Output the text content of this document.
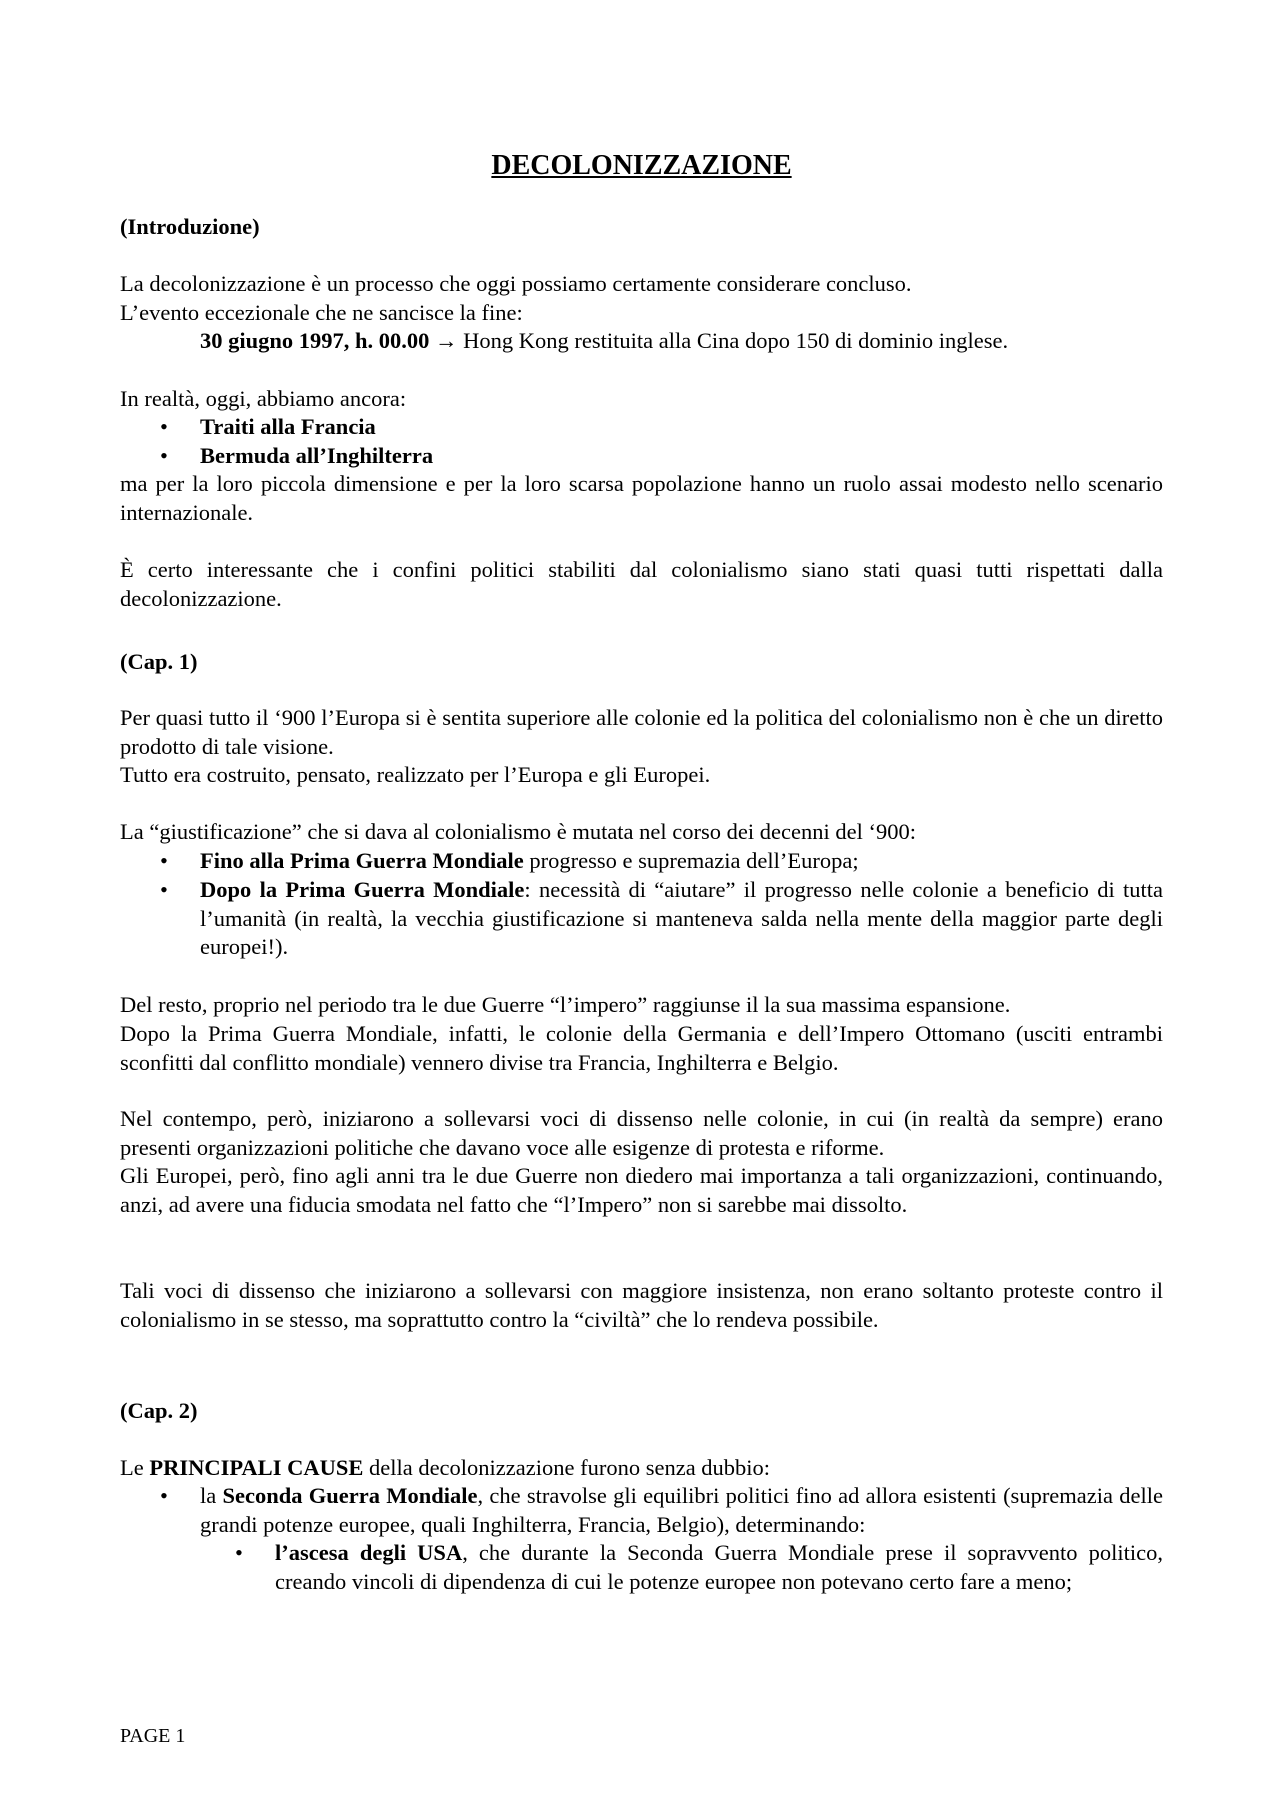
DECOLONIZZAZIONE
(Introduzione)
La decolonizzazione è un processo che oggi possiamo certamente considerare concluso.
L’evento eccezionale che ne sancisce la fine:
30 giugno 1997, h. 00.00 → Hong Kong restituita alla Cina dopo 150 di dominio inglese.
In realtà, oggi, abbiamo ancora:
• Traiti alla Francia
• Bermuda all’Inghilterra
ma per la loro piccola dimensione e per la loro scarsa popolazione hanno un ruolo assai modesto nello scenario internazionale.
È certo interessante che i confini politici stabiliti dal colonialismo siano stati quasi tutti rispettati dalla decolonizzazione.
(Cap. 1)
Per quasi tutto il ‘900 l’Europa si è sentita superiore alle colonie ed la politica del colonialismo non è che un diretto prodotto di tale visione.
Tutto era costruito, pensato, realizzato per l’Europa e gli Europei.
La “giustificazione” che si dava al colonialismo è mutata nel corso dei decenni del ‘900:
• Fino alla Prima Guerra Mondiale progresso e supremazia dell’Europa;
• Dopo la Prima Guerra Mondiale: necessità di “aiutare” il progresso nelle colonie a beneficio di tutta l’umanità (in realtà, la vecchia giustificazione si manteneva salda nella mente della maggior parte degli europei!).
Del resto, proprio nel periodo tra le due Guerre “l’impero” raggiunse il la sua massima espansione.
Dopo la Prima Guerra Mondiale, infatti, le colonie della Germania e dell’Impero Ottomano (usciti entrambi sconfitti dal conflitto mondiale) vennero divise tra Francia, Inghilterra e Belgio.
Nel contempo, però, iniziarono a sollevarsi voci di dissenso nelle colonie, in cui (in realtà da sempre) erano presenti organizzazioni politiche che davano voce alle esigenze di protesta e riforme.
Gli Europei, però, fino agli anni tra le due Guerre non diedero mai importanza a tali organizzazioni, continuando, anzi, ad avere una fiducia smodata nel fatto che “l’Impero” non si sarebbe mai dissolto.
Tali voci di dissenso che iniziarono a sollevarsi con maggiore insistenza, non erano soltanto proteste contro il colonialismo in se stesso, ma soprattutto contro la “civiltà” che lo rendeva possibile.
(Cap. 2)
Le PRINCIPALI CAUSE della decolonizzazione furono senza dubbio:
• la Seconda Guerra Mondiale, che stravolse gli equilibri politici fino ad allora esistenti (supremazia delle grandi potenze europee, quali Inghilterra, Francia, Belgio), determinando:
• l’ascesa degli USA, che durante la Seconda Guerra Mondiale prese il sopravvento politico, creando vincoli di dipendenza di cui le potenze europee non potevano certo fare a meno;
PAGE 1
